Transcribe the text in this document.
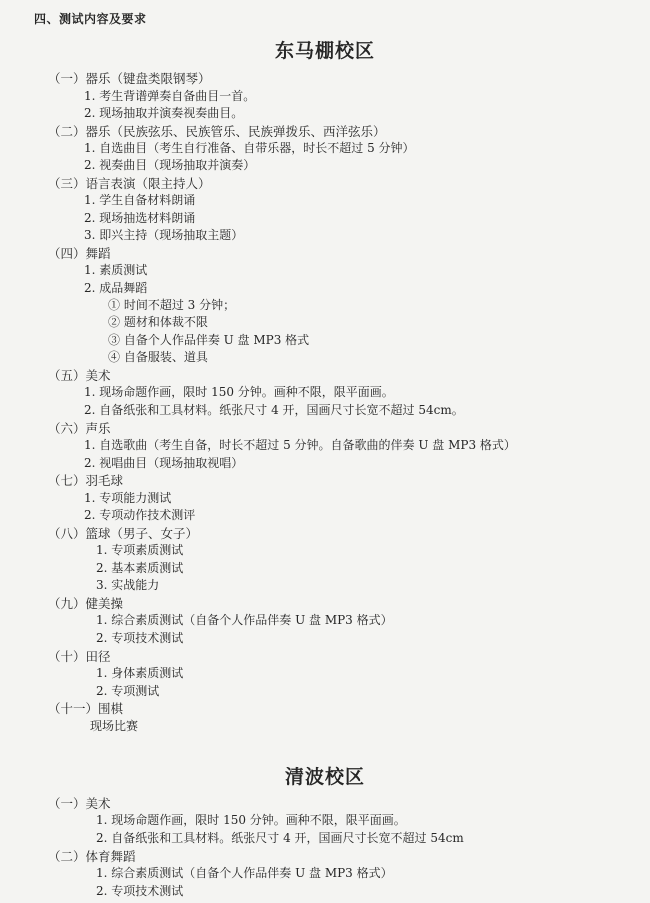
四、测试内容及要求
东马棚校区
（一）器乐（键盘类限钢琴）
1. 考生背谱弹奏自备曲目一首。
2. 现场抽取并演奏视奏曲目。
（二）器乐（民族弦乐、民族管乐、民族弹拨乐、西洋弦乐）
1. 自选曲目（考生自行准备、自带乐器，时长不超过 5 分钟）
2. 视奏曲目（现场抽取并演奏）
（三）语言表演（限主持人）
1. 学生自备材料朗诵
2. 现场抽选材料朗诵
3. 即兴主持（现场抽取主题）
（四）舞蹈
1. 素质测试
2. 成品舞蹈
① 时间不超过 3 分钟；
② 题材和体裁不限
③ 自备个人作品伴奏 U 盘 MP3 格式
④ 自备服装、道具
（五）美术
1. 现场命题作画，限时 150 分钟。画种不限，限平面画。
2. 自备纸张和工具材料。纸张尺寸 4 开，国画尺寸长宽不超过 54cm。
（六）声乐
1. 自选歌曲（考生自备，时长不超过 5 分钟。自备歌曲的伴奏 U 盘 MP3 格式）
2. 视唱曲目（现场抽取视唱）
（七）羽毛球
1. 专项能力测试
2. 专项动作技术测评
（八）篮球（男子、女子）
1. 专项素质测试
2. 基本素质测试
3. 实战能力
（九）健美操
1. 综合素质测试（自备个人作品伴奏 U 盘 MP3 格式）
2. 专项技术测试
（十）田径
1. 身体素质测试
2. 专项测试
（十一）围棋
现场比赛
清波校区
（一）美术
1. 现场命题作画，限时 150 分钟。画种不限，限平面画。
2. 自备纸张和工具材料。纸张尺寸 4 开，国画尺寸长宽不超过 54cm
（二）体育舞蹈
1. 综合素质测试（自备个人作品伴奏 U 盘 MP3 格式）
2. 专项技术测试
